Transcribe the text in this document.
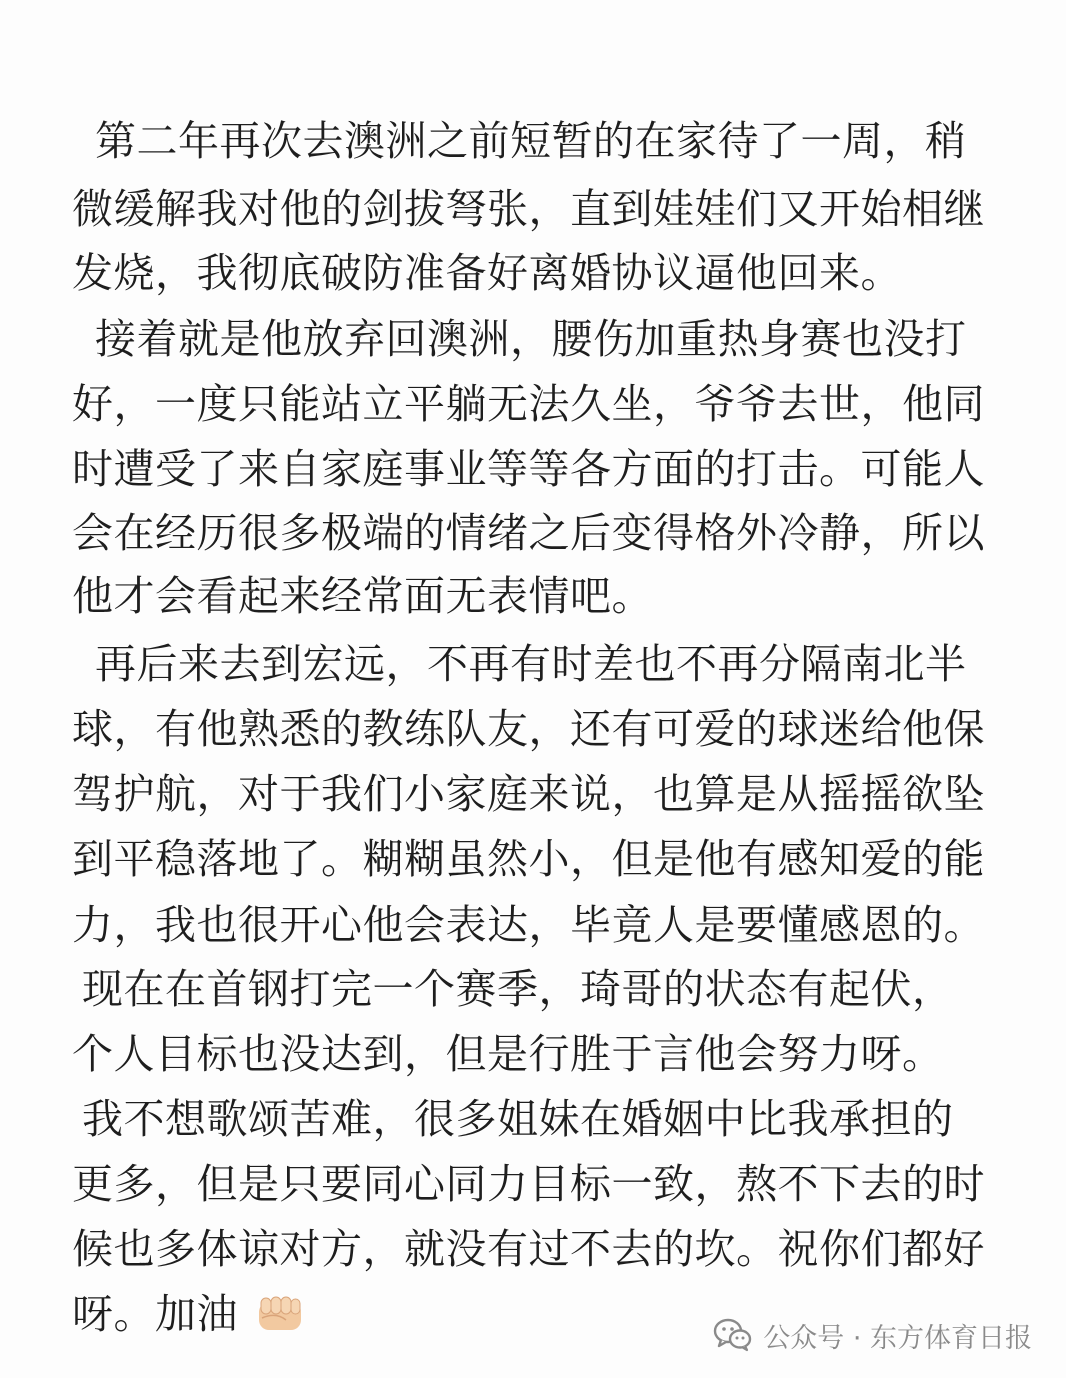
第二年再次去澳洲之前短暂的在家待了一周，稍
微缓解我对他的剑拔弩张，直到娃娃们又开始相继
发烧，我彻底破防准备好离婚协议逼他回来。
接着就是他放弃回澳洲，腰伤加重热身赛也没打
好，一度只能站立平躺无法久坐，爷爷去世，他同
时遭受了来自家庭事业等等各方面的打击。可能人
会在经历很多极端的情绪之后变得格外冷静，所以
他才会看起来经常面无表情吧。
再后来去到宏远，不再有时差也不再分隔南北半
球，有他熟悉的教练队友，还有可爱的球迷给他保
驾护航，对于我们小家庭来说，也算是从摇摇欲坠
到平稳落地了。糊糊虽然小，但是他有感知爱的能
力，我也很开心他会表达，毕竟人是要懂感恩的。
现在在首钢打完一个赛季，琦哥的状态有起伏，
个人目标也没达到，但是行胜于言他会努力呀。
我不想歌颂苦难，很多姐妹在婚姻中比我承担的
更多，但是只要同心同力目标一致，熬不下去的时
候也多体谅对方，就没有过不去的坎。祝你们都好
呀。加油	公众号 · 东方体育日报
